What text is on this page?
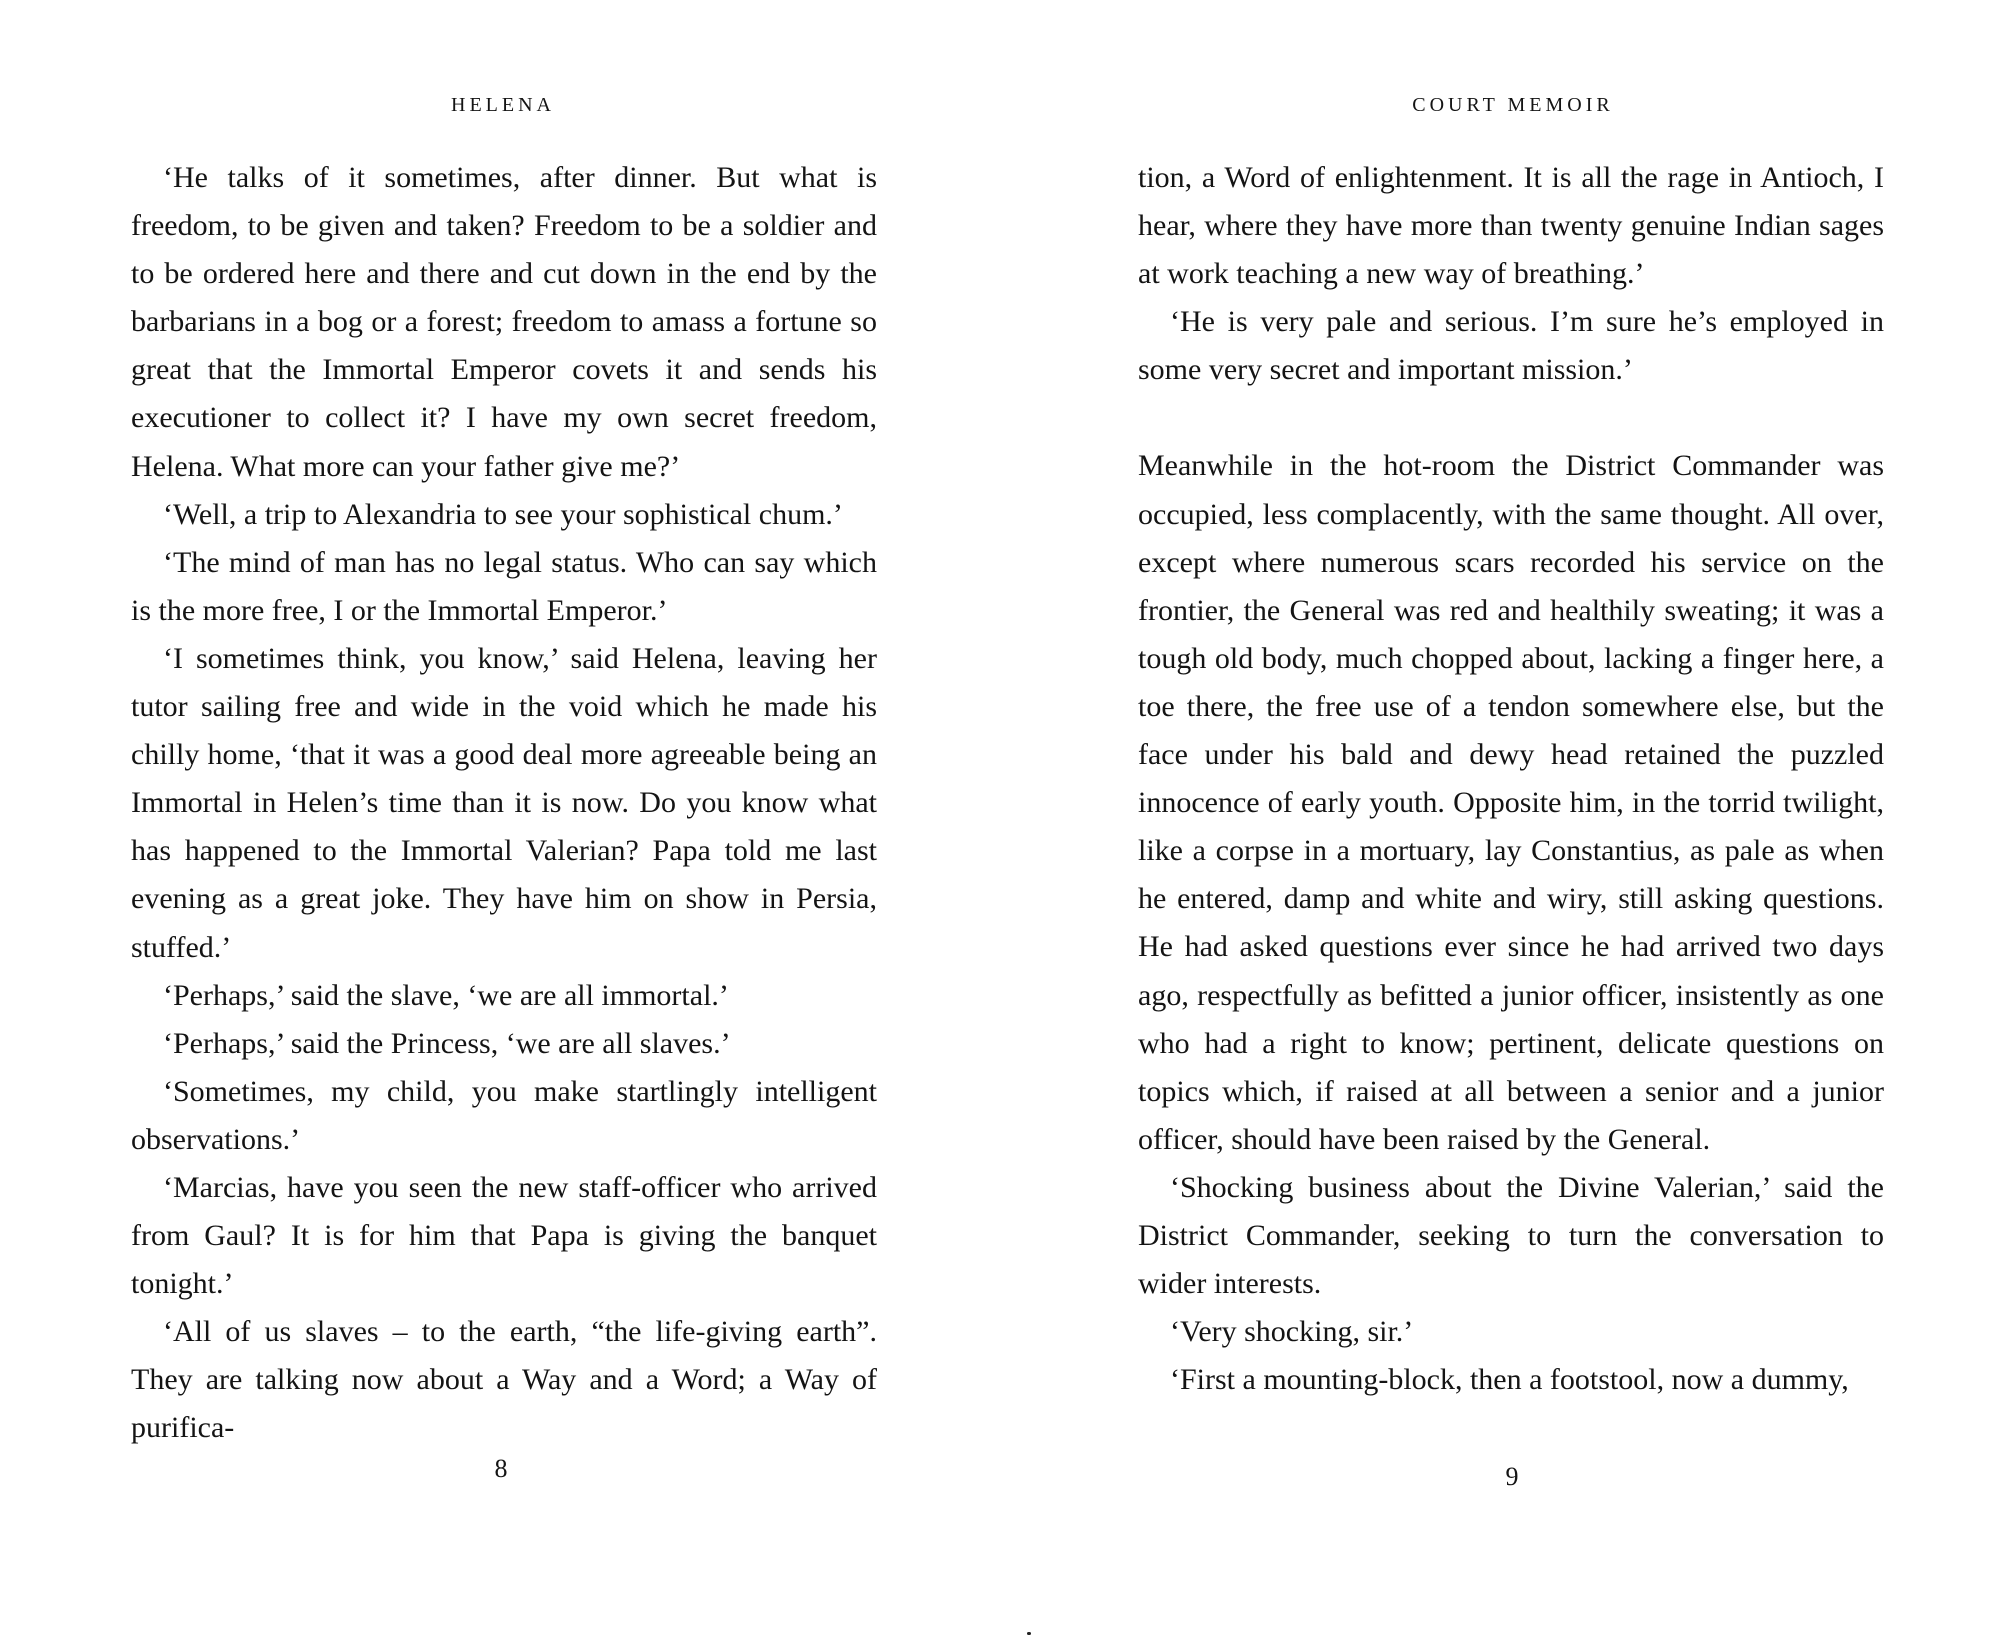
HELENA

‘He talks of it sometimes, after dinner. But what is freedom, to be given and taken? Freedom to be a soldier and to be ordered here and there and cut down in the end by the barbarians in a bog or a forest; freedom to amass a fortune so great that the Immortal Emperor covets it and sends his executioner to collect it? I have my own secret freedom, Helena. What more can your father give me?’

‘Well, a trip to Alexandria to see your sophistical chum.’

‘The mind of man has no legal status. Who can say which is the more free, I or the Immortal Emperor.’

‘I sometimes think, you know,’ said Helena, leaving her tutor sailing free and wide in the void which he made his chilly home, ‘that it was a good deal more agreeable being an Immortal in Helen’s time than it is now. Do you know what has happened to the Immortal Valerian? Papa told me last evening as a great joke. They have him on show in Persia, stuffed.’

‘Perhaps,’ said the slave, ‘we are all immortal.’

‘Perhaps,’ said the Princess, ‘we are all slaves.’

‘Sometimes, my child, you make startlingly intelligent observations.’

‘Marcias, have you seen the new staff-officer who arrived from Gaul? It is for him that Papa is giving the banquet tonight.’

‘All of us slaves – to the earth, “the life-giving earth”. They are talking now about a Way and a Word; a Way of purifica-

8
COURT MEMOIR

tion, a Word of enlightenment. It is all the rage in Antioch, I hear, where they have more than twenty genuine Indian sages at work teaching a new way of breathing.’

‘He is very pale and serious. I’m sure he’s employed in some very secret and important mission.’

Meanwhile in the hot-room the District Commander was occupied, less complacently, with the same thought. All over, except where numerous scars recorded his service on the frontier, the General was red and healthily sweating; it was a tough old body, much chopped about, lacking a finger here, a toe there, the free use of a tendon somewhere else, but the face under his bald and dewy head retained the puzzled innocence of early youth. Opposite him, in the torrid twilight, like a corpse in a mortuary, lay Constantius, as pale as when he entered, damp and white and wiry, still asking questions. He had asked questions ever since he had arrived two days ago, respectfully as befitted a junior officer, insistently as one who had a right to know; pertinent, delicate questions on topics which, if raised at all between a senior and a junior officer, should have been raised by the General.

‘Shocking business about the Divine Valerian,’ said the District Commander, seeking to turn the conversation to wider interests.

‘Very shocking, sir.’

‘First a mounting-block, then a footstool, now a dummy,

9
